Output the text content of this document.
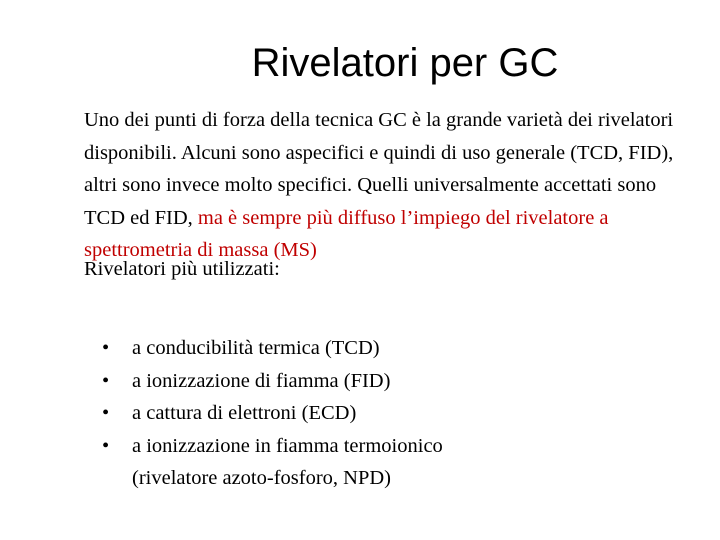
Rivelatori per GC

Uno dei punti di forza della tecnica GC è la grande varietà dei rivelatori disponibili. Alcuni sono aspecifici e quindi di uso generale (TCD, FID), altri sono invece molto specifici. Quelli universalmente accettati sono TCD ed FID, ma è sempre più diffuso l’impiego del rivelatore a spettrometria di massa (MS)

Rivelatori più utilizzati:

• a conducibilità termica (TCD)
• a ionizzazione di fiamma (FID)
• a cattura di elettroni (ECD)
• a ionizzazione in fiamma termoionico
(rivelatore azoto-fosforo, NPD)
